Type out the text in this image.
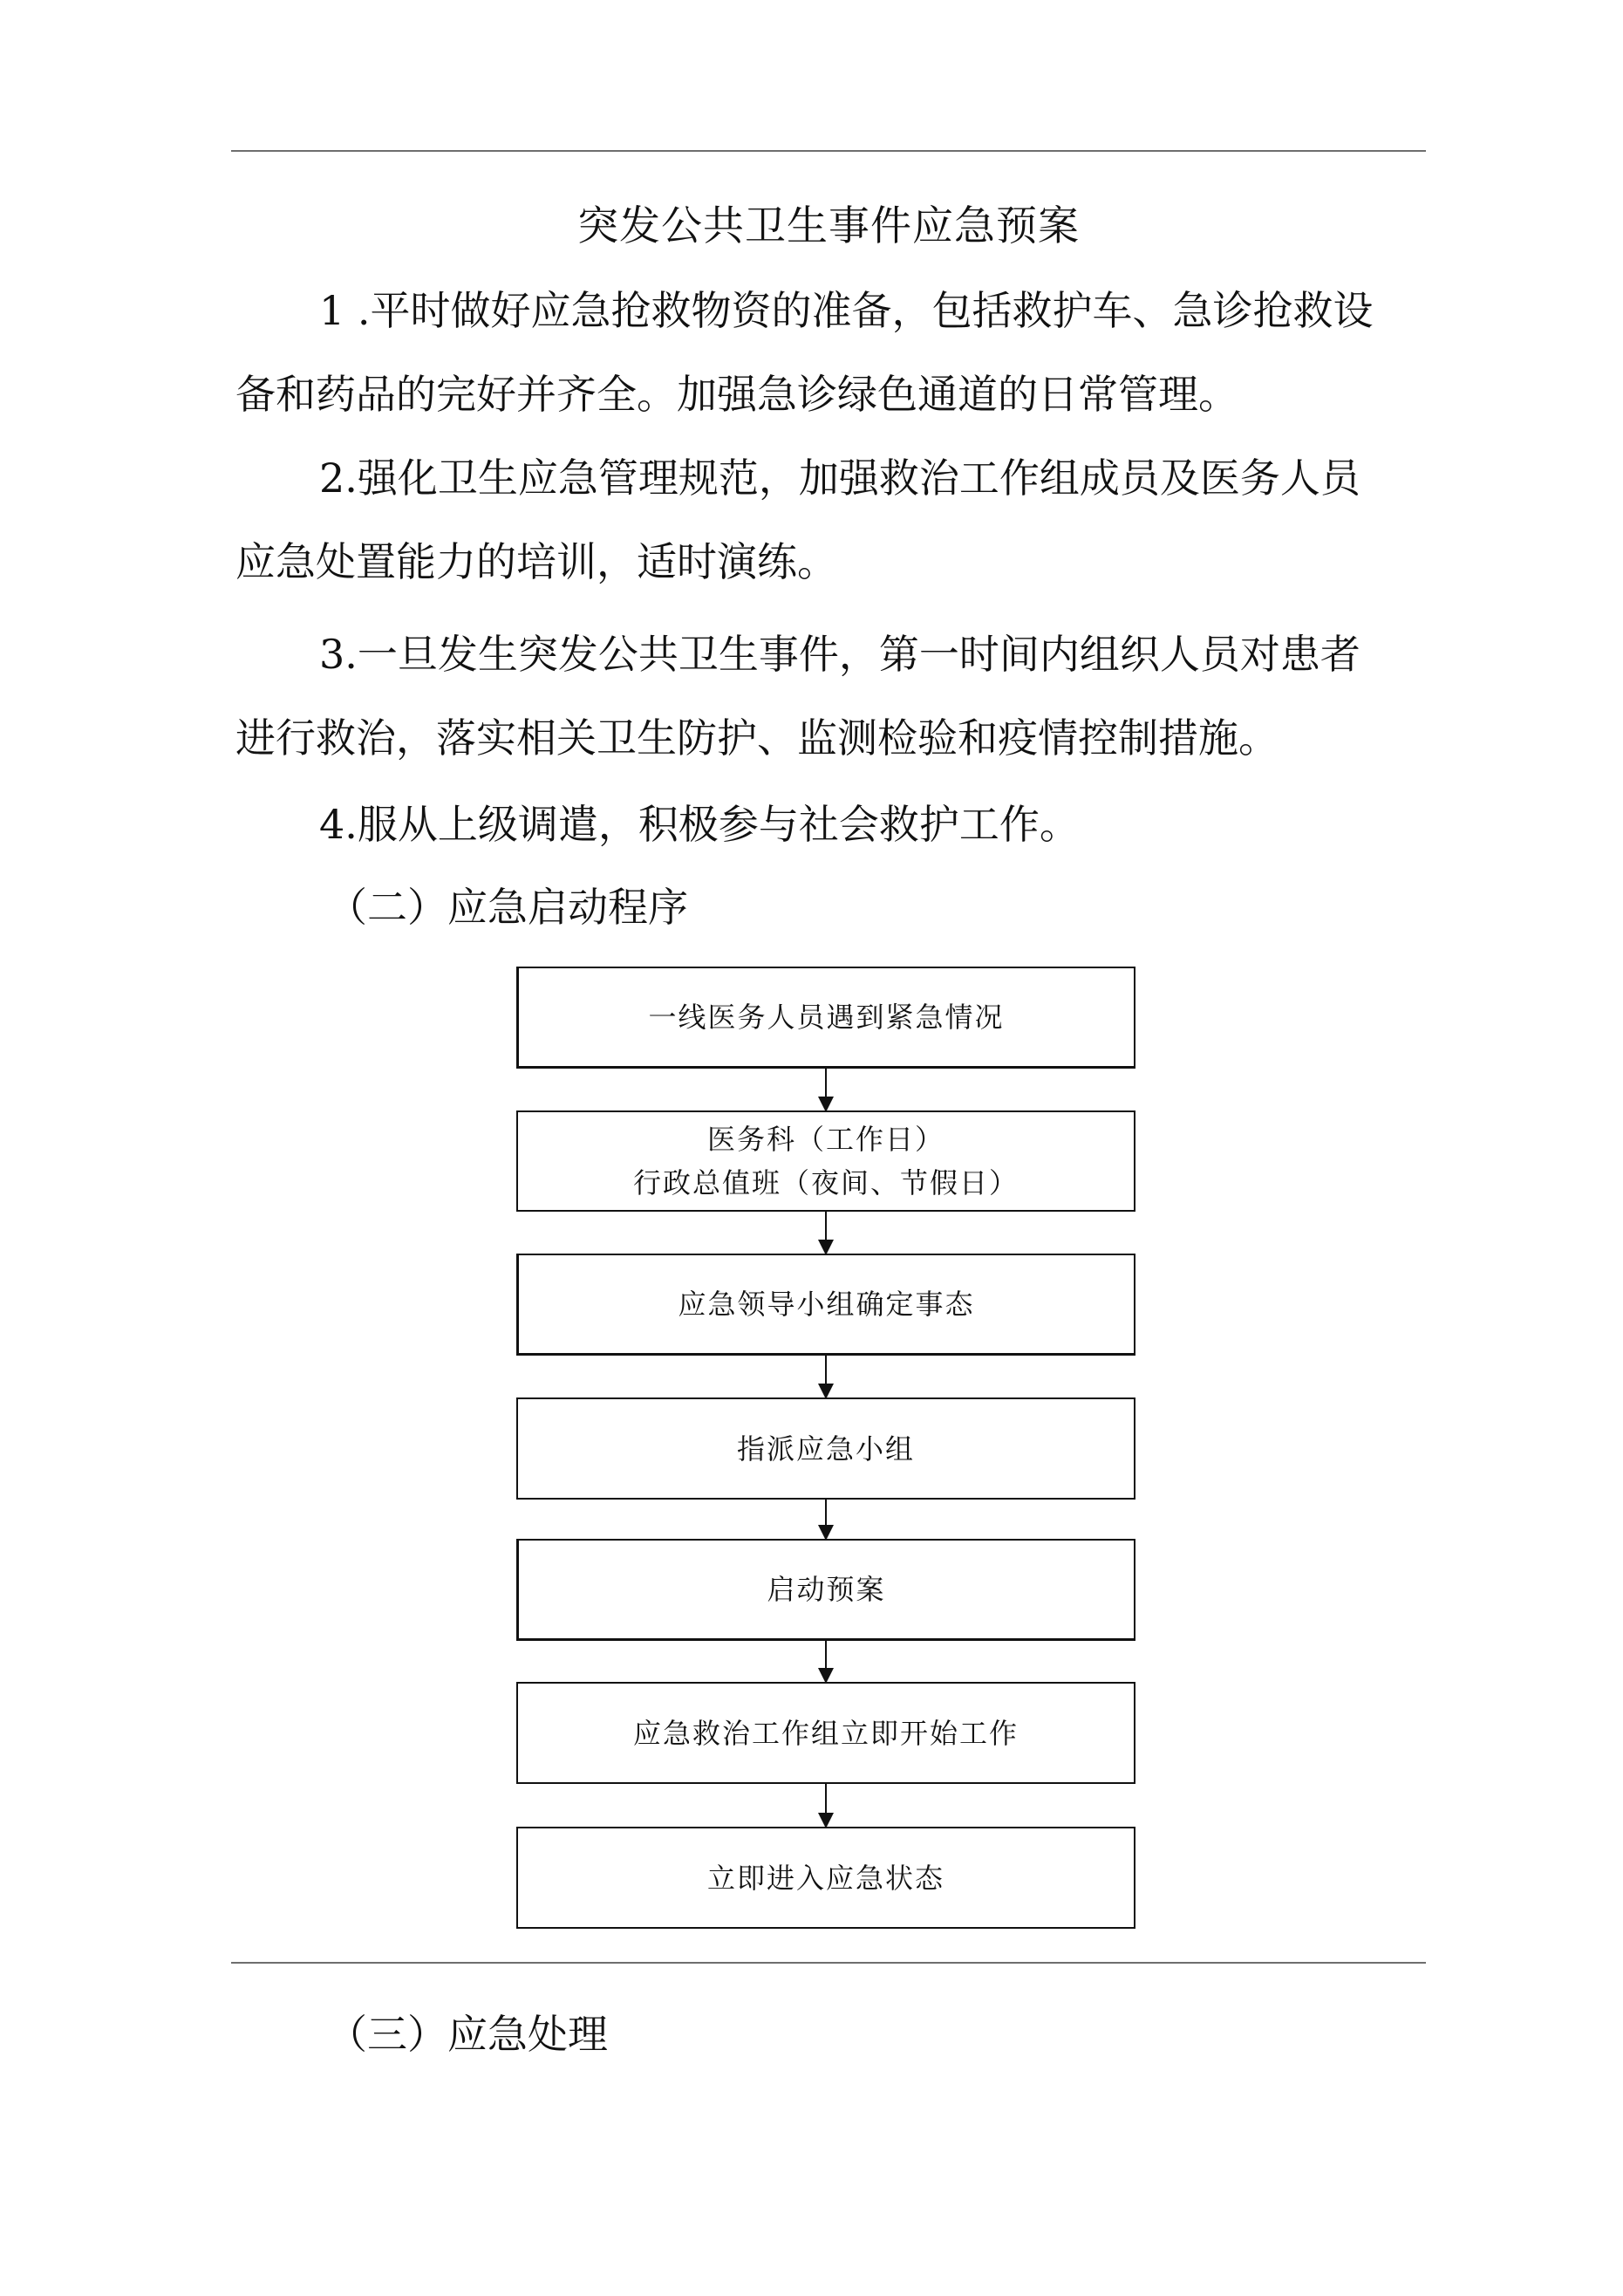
突发公共卫生事件应急预案
1 .平时做好应急抢救物资的准备，包括救护车、急诊抢救设
备和药品的完好并齐全。加强急诊绿色通道的日常管理。
2.强化卫生应急管理规范，加强救治工作组成员及医务人员
应急处置能力的培训，适时演练。
3.一旦发生突发公共卫生事件，第一时间内组织人员对患者
进行救治，落实相关卫生防护、监测检验和疫情控制措施。
4.服从上级调遣，积极参与社会救护工作。
（二）应急启动程序
一线医务人员遇到紧急情况
医务科（工作日）
行政总值班（夜间、节假日）
应急领导小组确定事态
指派应急小组
启动预案
应急救治工作组立即开始工作
立即进入应急状态
（三）应急处理
